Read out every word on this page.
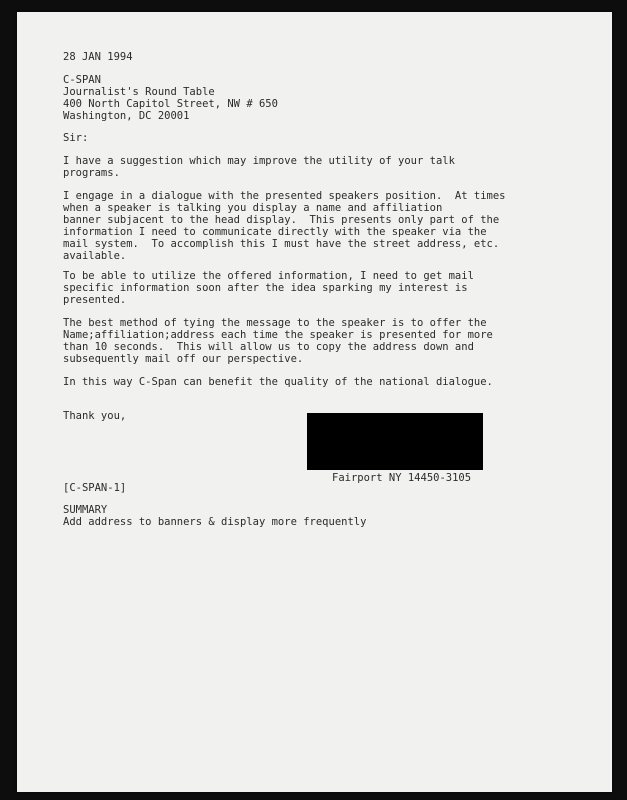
28 JAN 1994

C-SPAN

Journalist's Round Table

400 North Capitol Street, NW # 650

Washington, DC 20001

Sir:

I have a suggestion which may improve the utility of your talk
programs.

I engage in a dialogue with the presented speakers position.  At times
when a speaker is talking you display a name and affiliation
banner subjacent to the head display.  This presents only part of the
information I need to communicate directly with the speaker via the
mail system.  To accomplish this I must have the street address, etc.
available.

To be able to utilize the offered information, I need to get mail
specific information soon after the idea sparking my interest is
presented.

The best method of tying the message to the speaker is to offer the
Name;affiliation;address each time the speaker is presented for more
than 10 seconds.  This will allow us to copy the address down and
subsequently mail off our perspective.

In this way C-Span can benefit the quality of the national dialogue.

Thank you,

Fairport NY 14450-3105

[C-SPAN-1]

SUMMARY

Add address to banners & display more frequently
